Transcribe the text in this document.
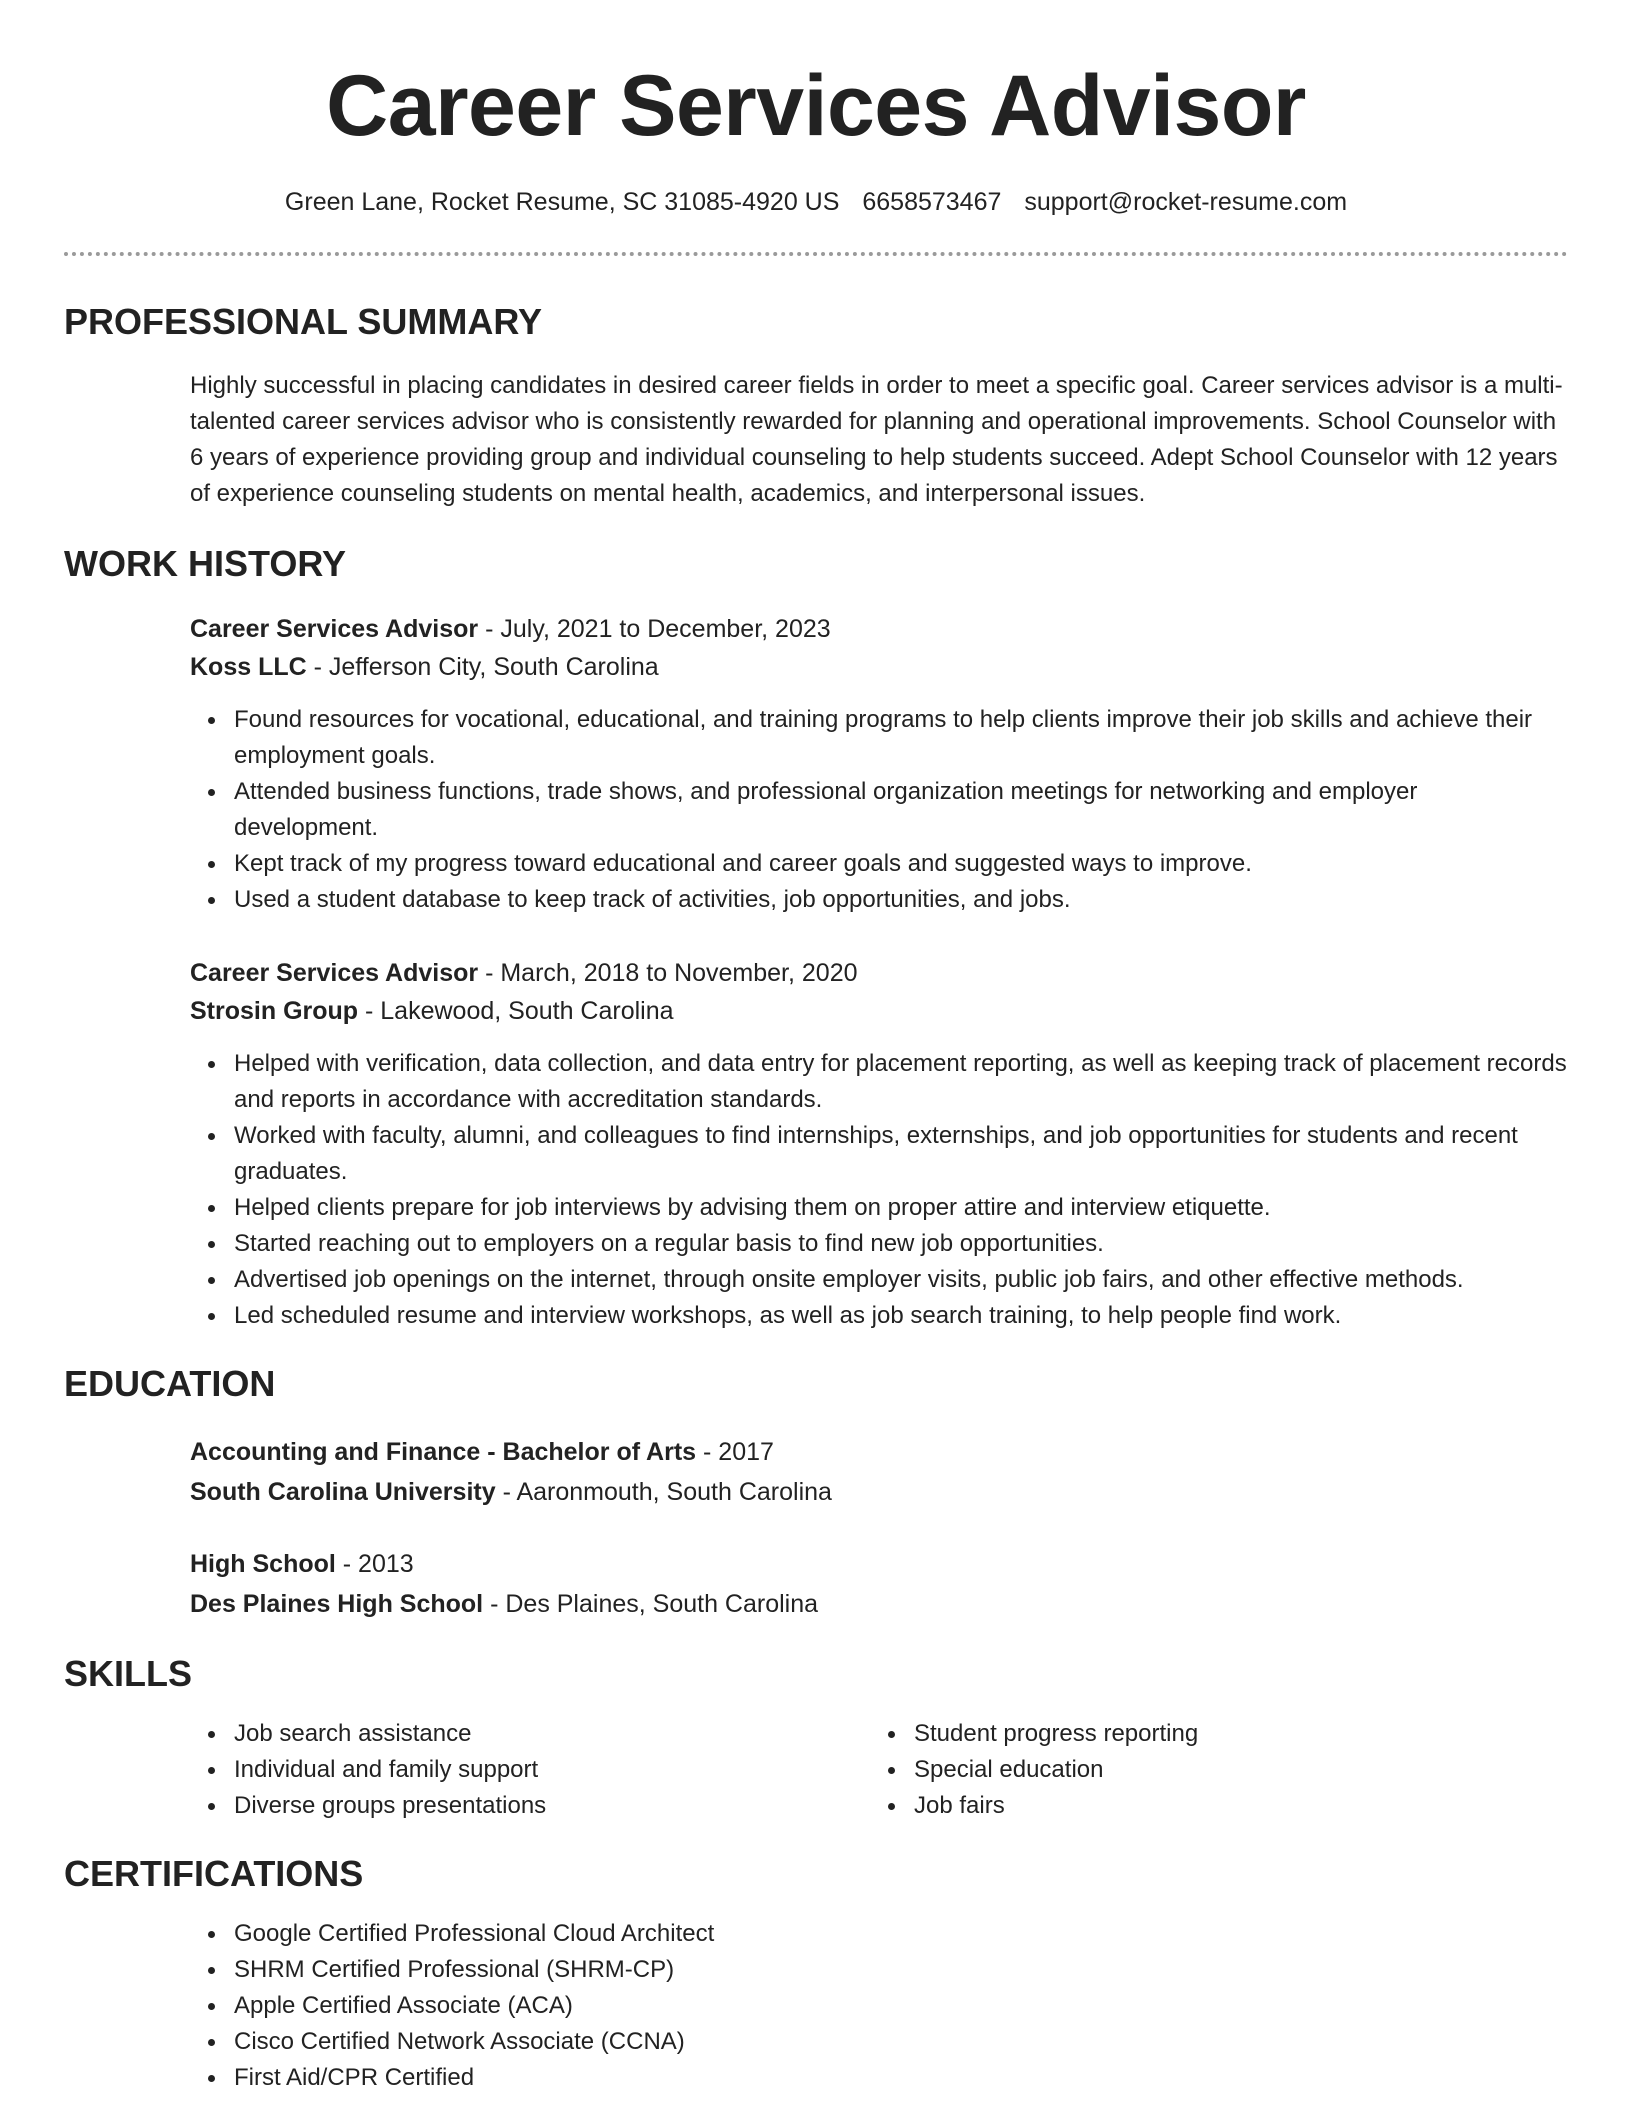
Career Services Advisor
Green Lane, Rocket Resume, SC 31085-4920 US 6658573467 support@rocket-resume.com
PROFESSIONAL SUMMARY
Highly successful in placing candidates in desired career fields in order to meet a specific goal. Career services advisor is a multi-talented career services advisor who is consistently rewarded for planning and operational improvements. School Counselor with 6 years of experience providing group and individual counseling to help students succeed. Adept School Counselor with 12 years of experience counseling students on mental health, academics, and interpersonal issues.
WORK HISTORY
Career Services Advisor - July, 2021 to December, 2023
Koss LLC - Jefferson City, South Carolina
Found resources for vocational, educational, and training programs to help clients improve their job skills and achieve their employment goals.
Attended business functions, trade shows, and professional organization meetings for networking and employer development.
Kept track of my progress toward educational and career goals and suggested ways to improve.
Used a student database to keep track of activities, job opportunities, and jobs.
Career Services Advisor - March, 2018 to November, 2020
Strosin Group - Lakewood, South Carolina
Helped with verification, data collection, and data entry for placement reporting, as well as keeping track of placement records and reports in accordance with accreditation standards.
Worked with faculty, alumni, and colleagues to find internships, externships, and job opportunities for students and recent graduates.
Helped clients prepare for job interviews by advising them on proper attire and interview etiquette.
Started reaching out to employers on a regular basis to find new job opportunities.
Advertised job openings on the internet, through onsite employer visits, public job fairs, and other effective methods.
Led scheduled resume and interview workshops, as well as job search training, to help people find work.
EDUCATION
Accounting and Finance - Bachelor of Arts - 2017
South Carolina University - Aaronmouth, South Carolina
High School - 2013
Des Plaines High School - Des Plaines, South Carolina
SKILLS
Job search assistance
Individual and family support
Diverse groups presentations
Student progress reporting
Special education
Job fairs
CERTIFICATIONS
Google Certified Professional Cloud Architect
SHRM Certified Professional (SHRM-CP)
Apple Certified Associate (ACA)
Cisco Certified Network Associate (CCNA)
First Aid/CPR Certified
